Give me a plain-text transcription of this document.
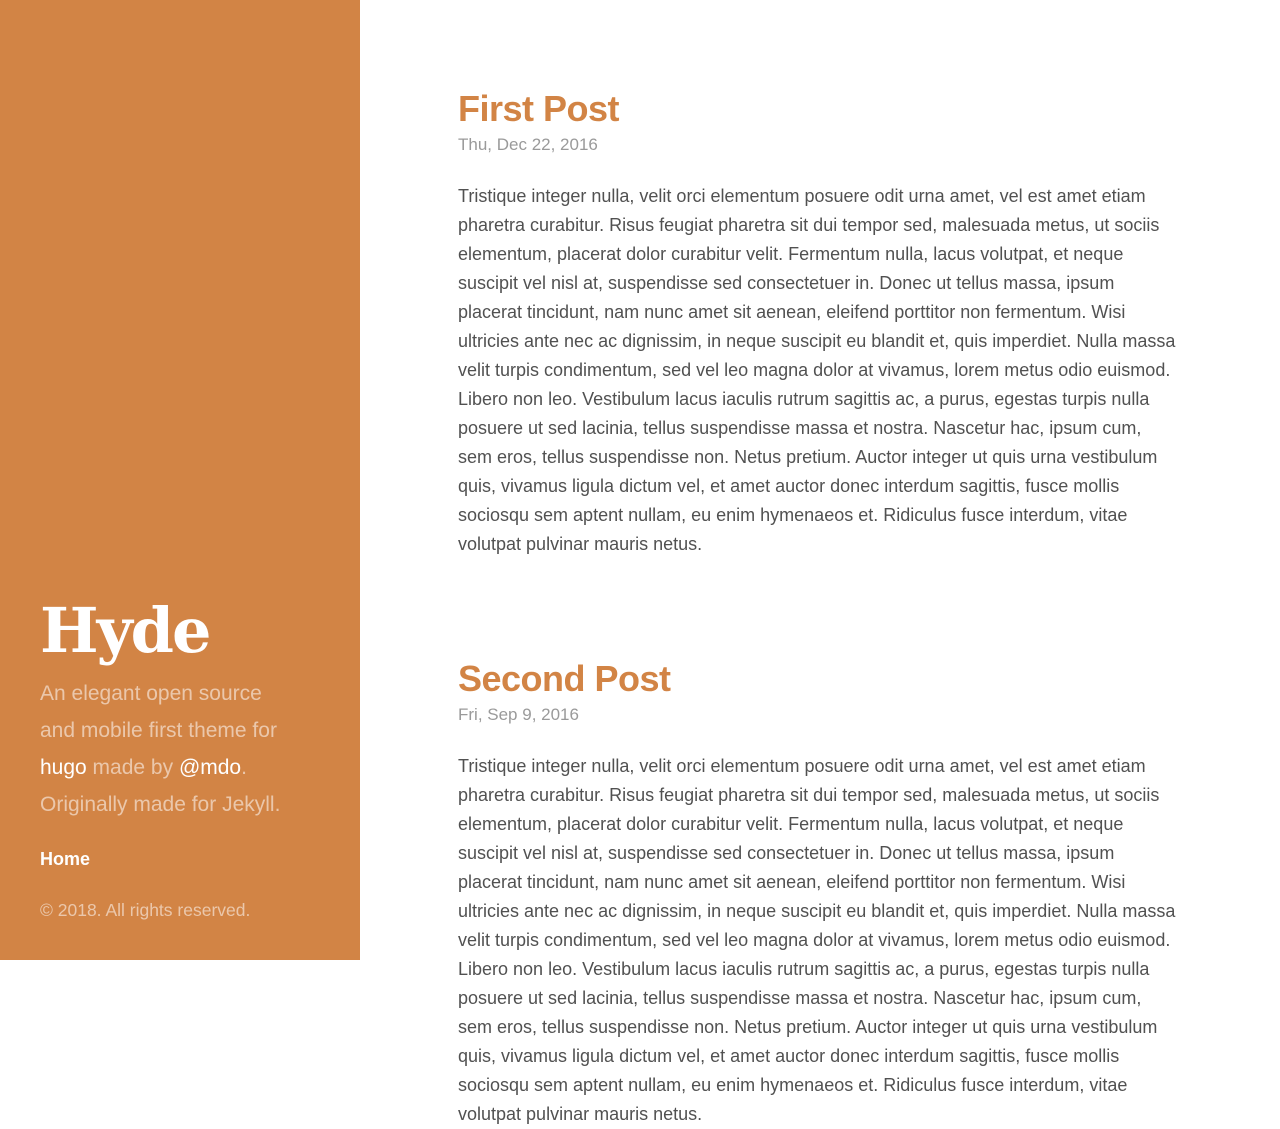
Hyde

An elegant open source and mobile first theme for hugo made by @mdo. Originally made for Jekyll.

Home

© 2018. All rights reserved.

First Post
Thu, Dec 22, 2016

Tristique integer nulla, velit orci elementum posuere odit urna amet, vel est amet etiam pharetra curabitur. Risus feugiat pharetra sit dui tempor sed, malesuada metus, ut sociis elementum, placerat dolor curabitur velit. Fermentum nulla, lacus volutpat, et neque suscipit vel nisl at, suspendisse sed consectetuer in. Donec ut tellus massa, ipsum placerat tincidunt, nam nunc amet sit aenean, eleifend porttitor non fermentum. Wisi ultricies ante nec ac dignissim, in neque suscipit eu blandit et, quis imperdiet. Nulla massa velit turpis condimentum, sed vel leo magna dolor at vivamus, lorem metus odio euismod. Libero non leo. Vestibulum lacus iaculis rutrum sagittis ac, a purus, egestas turpis nulla posuere ut sed lacinia, tellus suspendisse massa et nostra. Nascetur hac, ipsum cum, sem eros, tellus suspendisse non. Netus pretium. Auctor integer ut quis urna vestibulum quis, vivamus ligula dictum vel, et amet auctor donec interdum sagittis, fusce mollis sociosqu sem aptent nullam, eu enim hymenaeos et. Ridiculus fusce interdum, vitae volutpat pulvinar mauris netus.

Second Post
Fri, Sep 9, 2016

Tristique integer nulla, velit orci elementum posuere odit urna amet, vel est amet etiam pharetra curabitur. Risus feugiat pharetra sit dui tempor sed, malesuada metus, ut sociis elementum, placerat dolor curabitur velit. Fermentum nulla, lacus volutpat, et neque suscipit vel nisl at, suspendisse sed consectetuer in. Donec ut tellus massa, ipsum placerat tincidunt, nam nunc amet sit aenean, eleifend porttitor non fermentum. Wisi ultricies ante nec ac dignissim, in neque suscipit eu blandit et, quis imperdiet. Nulla massa velit turpis condimentum, sed vel leo magna dolor at vivamus, lorem metus odio euismod. Libero non leo. Vestibulum lacus iaculis rutrum sagittis ac, a purus, egestas turpis nulla posuere ut sed lacinia, tellus suspendisse massa et nostra. Nascetur hac, ipsum cum, sem eros, tellus suspendisse non. Netus pretium. Auctor integer ut quis urna vestibulum quis, vivamus ligula dictum vel, et amet auctor donec interdum sagittis, fusce mollis sociosqu sem aptent nullam, eu enim hymenaeos et. Ridiculus fusce interdum, vitae volutpat pulvinar mauris netus.
